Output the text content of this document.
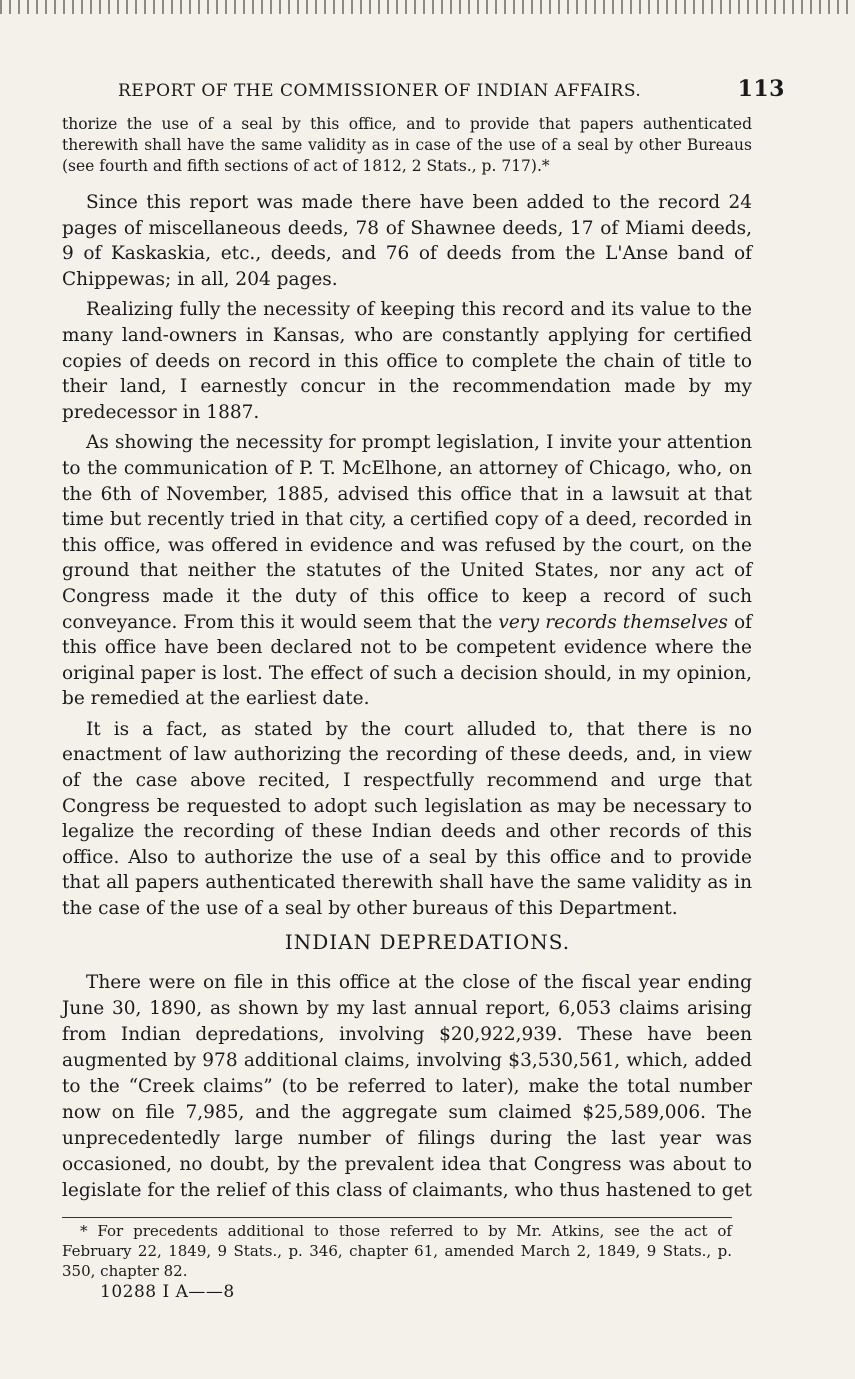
REPORT OF THE COMMISSIONER OF INDIAN AFFAIRS.	113
thorize the use of a seal by this office, and to provide that papers authenticated therewith shall have the same validity as in case of the use of a seal by other Bureaus (see fourth and fifth sections of act of 1812, 2 Stats., p. 717).*

Since this report was made there have been added to the record 24 pages of miscellaneous deeds, 78 of Shawnee deeds, 17 of Miami deeds, 9 of Kaskaskia, etc., deeds, and 76 of deeds from the L'Anse band of Chippewas; in all, 204 pages.

Realizing fully the necessity of keeping this record and its value to the many land-owners in Kansas, who are constantly applying for certified copies of deeds on record in this office to complete the chain of title to their land, I earnestly concur in the recommendation made by my predecessor in 1887.

As showing the necessity for prompt legislation, I invite your attention to the communication of P. T. McElhone, an attorney of Chicago, who, on the 6th of November, 1885, advised this office that in a lawsuit at that time but recently tried in that city, a certified copy of a deed, recorded in this office, was offered in evidence and was refused by the court, on the ground that neither the statutes of the United States, nor any act of Congress made it the duty of this office to keep a record of such conveyance. From this it would seem that the very records themselves of this office have been declared not to be competent evidence where the original paper is lost. The effect of such a decision should, in my opinion, be remedied at the earliest date.

It is a fact, as stated by the court alluded to, that there is no enactment of law authorizing the recording of these deeds, and, in view of the case above recited, I respectfully recommend and urge that Congress be requested to adopt such legislation as may be necessary to legalize the recording of these Indian deeds and other records of this office. Also to authorize the use of a seal by this office and to provide that all papers authenticated therewith shall have the same validity as in the case of the use of a seal by other bureaus of this Department.

INDIAN DEPREDATIONS.

There were on file in this office at the close of the fiscal year ending June 30, 1890, as shown by my last annual report, 6,053 claims arising from Indian depredations, involving $20,922,939. These have been augmented by 978 additional claims, involving $3,530,561, which, added to the “Creek claims” (to be referred to later), make the total number now on file 7,985, and the aggregate sum claimed $25,589,006. The unprecedentedly large number of filings during the last year was occasioned, no doubt, by the prevalent idea that Congress was about to legislate for the relief of this class of claimants, who thus hastened to get

* For precedents additional to those referred to by Mr. Atkins, see the act of February 22, 1849, 9 Stats., p. 346, chapter 61, amended March 2, 1849, 9 Stats., p. 350, chapter 82.

10288 I A——8
